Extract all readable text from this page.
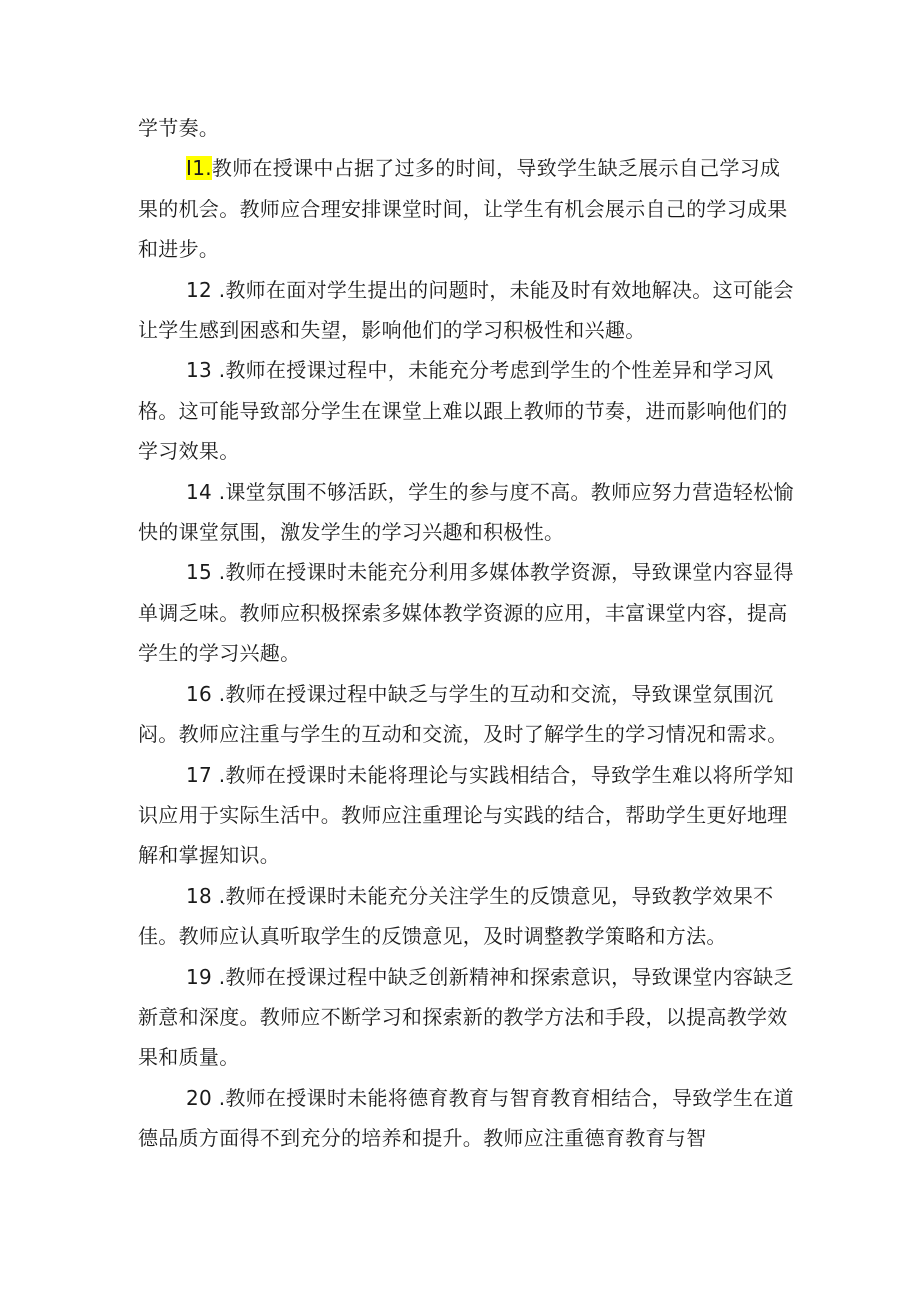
学节奏。

I1.教师在授课中占据了过多的时间，导致学生缺乏展示自己学习成果的机会。教师应合理安排课堂时间，让学生有机会展示自己的学习成果和进步。

12 .教师在面对学生提出的问题时，未能及时有效地解决。这可能会让学生感到困惑和失望，影响他们的学习积极性和兴趣。

13 .教师在授课过程中，未能充分考虑到学生的个性差异和学习风格。这可能导致部分学生在课堂上难以跟上教师的节奏，进而影响他们的学习效果。

14 .课堂氛围不够活跃，学生的参与度不高。教师应努力营造轻松愉快的课堂氛围，激发学生的学习兴趣和积极性。

15 .教师在授课时未能充分利用多媒体教学资源，导致课堂内容显得单调乏味。教师应积极探索多媒体教学资源的应用，丰富课堂内容，提高学生的学习兴趣。

16 .教师在授课过程中缺乏与学生的互动和交流，导致课堂氛围沉闷。教师应注重与学生的互动和交流，及时了解学生的学习情况和需求。

17 .教师在授课时未能将理论与实践相结合，导致学生难以将所学知识应用于实际生活中。教师应注重理论与实践的结合，帮助学生更好地理解和掌握知识。

18 .教师在授课时未能充分关注学生的反馈意见，导致教学效果不佳。教师应认真听取学生的反馈意见，及时调整教学策略和方法。

19 .教师在授课过程中缺乏创新精神和探索意识，导致课堂内容缺乏新意和深度。教师应不断学习和探索新的教学方法和手段，以提高教学效果和质量。

20 .教师在授课时未能将德育教育与智育教育相结合，导致学生在道德品质方面得不到充分的培养和提升。教师应注重德育教育与智
